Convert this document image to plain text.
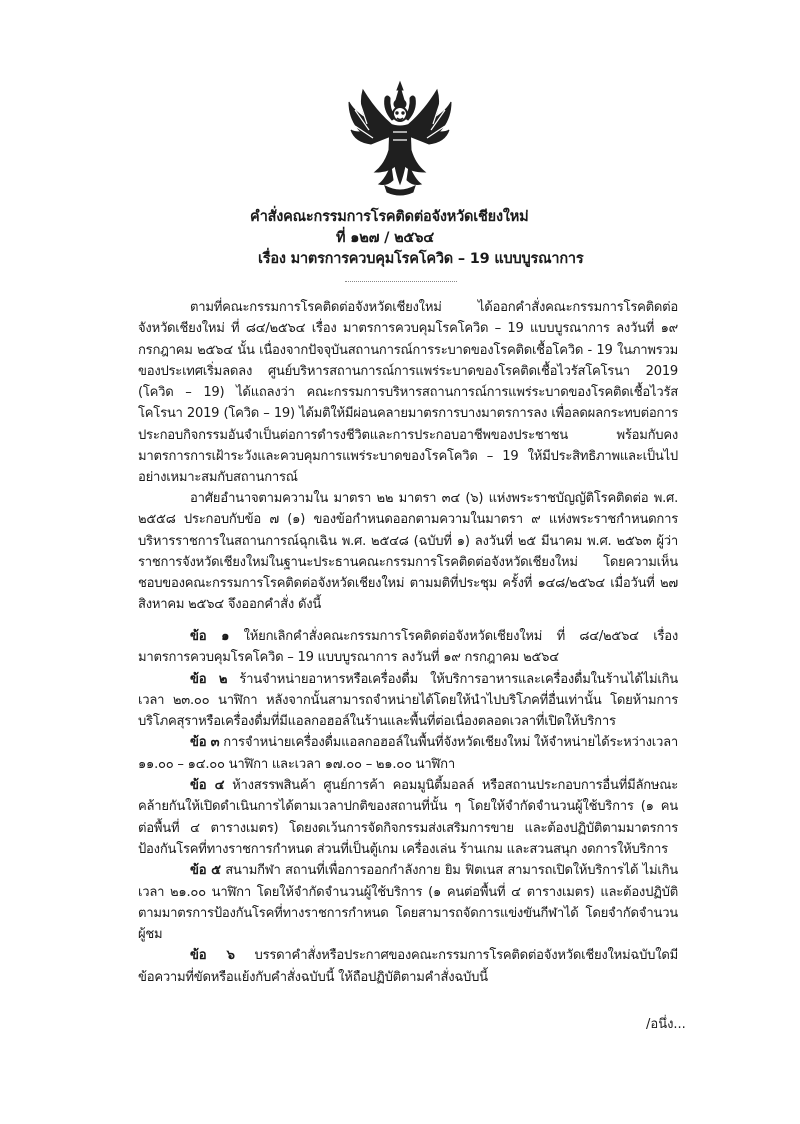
คำสั่งคณะกรรมการโรคติดต่อจังหวัดเชียงใหม่
ที่ ๑๒๗ / ๒๕๖๔
เรื่อง มาตรการควบคุมโรคโควิด – 19 แบบบูรณาการ

ตามที่คณะกรรมการโรคติดต่อจังหวัดเชียงใหม่ ได้ออกคำสั่งคณะกรรมการโรคติดต่อจังหวัดเชียงใหม่ ที่ ๘๔/๒๕๖๔ เรื่อง มาตรการควบคุมโรคโควิด – 19 แบบบูรณาการ ลงวันที่ ๑๙ กรกฎาคม ๒๕๖๔ นั้น เนื่องจากปัจจุบันสถานการณ์การระบาดของโรคติดเชื้อโควิด - 19 ในภาพรวมของประเทศเริ่มลดลง ศูนย์บริหารสถานการณ์การแพร่ระบาดของโรคติดเชื้อไวรัสโคโรนา 2019 (โควิด – 19) ได้แถลงว่า คณะกรรมการบริหารสถานการณ์การแพร่ระบาดของโรคติดเชื้อไวรัสโคโรนา 2019 (โควิด – 19) ได้มติให้มีผ่อนคลายมาตรการบางมาตรการลง เพื่อลดผลกระทบต่อการประกอบกิจกรรมอันจำเป็นต่อการดำรงชีวิตและการประกอบอาชีพของประชาชน พร้อมกับคงมาตรการการเฝ้าระวังและควบคุมการแพร่ระบาดของโรคโควิด – 19 ให้มีประสิทธิภาพและเป็นไปอย่างเหมาะสมกับสถานการณ์

อาศัยอำนาจตามความใน มาตรา ๒๒ มาตรา ๓๔ (๖) แห่งพระราชบัญญัติโรคติดต่อ พ.ศ. ๒๕๕๘ ประกอบกับข้อ ๗ (๑) ของข้อกำหนดออกตามความในมาตรา ๙ แห่งพระราชกำหนดการบริหารราชการในสถานการณ์ฉุกเฉิน พ.ศ. ๒๕๔๘ (ฉบับที่ ๑) ลงวันที่ ๒๕ มีนาคม พ.ศ. ๒๕๖๓ ผู้ว่าราชการจังหวัดเชียงใหม่ในฐานะประธานคณะกรรมการโรคติดต่อจังหวัดเชียงใหม่ โดยความเห็นชอบของคณะกรรมการโรคติดต่อจังหวัดเชียงใหม่ ตามมติที่ประชุม ครั้งที่ ๑๔๘/๒๕๖๔ เมื่อวันที่ ๒๗ สิงหาคม ๒๕๖๔ จึงออกคำสั่ง ดังนี้

ข้อ ๑ ให้ยกเลิกคำสั่งคณะกรรมการโรคติดต่อจังหวัดเชียงใหม่ ที่ ๘๔/๒๕๖๔ เรื่อง มาตรการควบคุมโรคโควิด – 19 แบบบูรณาการ ลงวันที่ ๑๙ กรกฎาคม ๒๕๖๔

ข้อ ๒ ร้านจำหน่ายอาหารหรือเครื่องดื่ม ให้บริการอาหารและเครื่องดื่มในร้านได้ไม่เกินเวลา ๒๓.๐๐ นาฬิกา หลังจากนั้นสามารถจำหน่ายได้โดยให้นำไปบริโภคที่อื่นเท่านั้น โดยห้ามการบริโภคสุราหรือเครื่องดื่มที่มีแอลกอฮอล์ในร้านและพื้นที่ต่อเนื่องตลอดเวลาที่เปิดให้บริการ

ข้อ ๓ การจำหน่ายเครื่องดื่มแอลกอฮอล์ในพื้นที่จังหวัดเชียงใหม่ ให้จำหน่ายได้ระหว่างเวลา ๑๑.๐๐ – ๑๔.๐๐ นาฬิกา และเวลา ๑๗.๐๐ – ๒๑.๐๐ นาฬิกา

ข้อ ๔ ห้างสรรพสินค้า ศูนย์การค้า คอมมูนิตี้มอลล์ หรือสถานประกอบการอื่นที่มีลักษณะคล้ายกันให้เปิดดำเนินการได้ตามเวลาปกติของสถานที่นั้น ๆ โดยให้จำกัดจำนวนผู้ใช้บริการ (๑ คนต่อพื้นที่ ๔ ตารางเมตร) โดยงดเว้นการจัดกิจกรรมส่งเสริมการขาย และต้องปฏิบัติตามมาตรการป้องกันโรคที่ทางราชการกำหนด ส่วนที่เป็นตู้เกม เครื่องเล่น ร้านเกม และสวนสนุก งดการให้บริการ

ข้อ ๕ สนามกีฬา สถานที่เพื่อการออกกำลังกาย ยิม ฟิตเนส สามารถเปิดให้บริการได้ ไม่เกินเวลา ๒๑.๐๐ นาฬิกา โดยให้จำกัดจำนวนผู้ใช้บริการ (๑ คนต่อพื้นที่ ๔ ตารางเมตร) และต้องปฏิบัติตามมาตรการป้องกันโรคที่ทางราชการกำหนด โดยสามารถจัดการแข่งขันกีฬาได้ โดยจำกัดจำนวนผู้ชม

ข้อ ๖ บรรดาคำสั่งหรือประกาศของคณะกรรมการโรคติดต่อจังหวัดเชียงใหม่ฉบับใดมีข้อความที่ขัดหรือแย้งกับคำสั่งฉบับนี้ ให้ถือปฏิบัติตามคำสั่งฉบับนี้

/อนึ่ง...
